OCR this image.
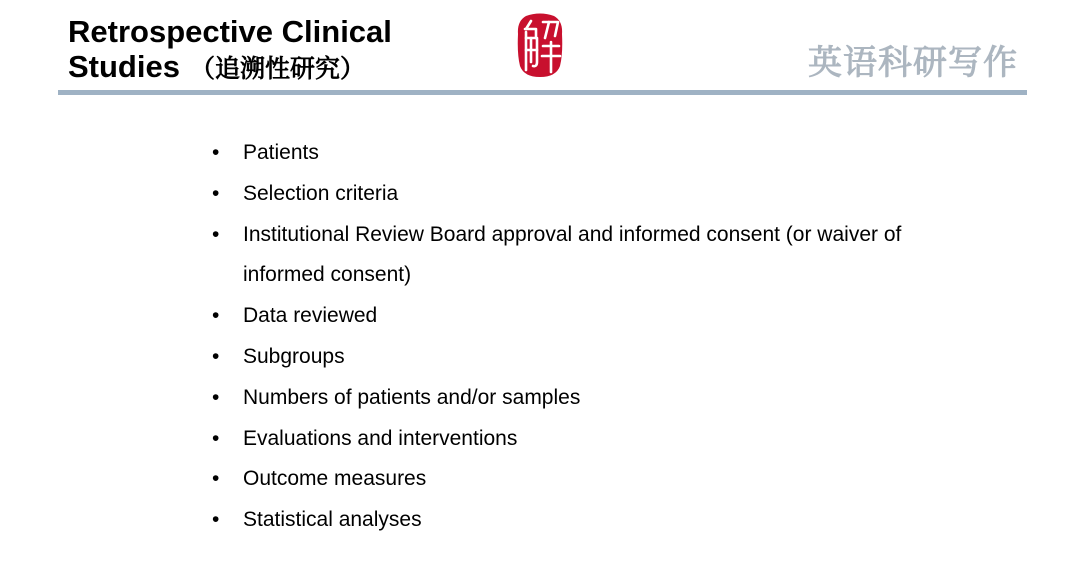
Retrospective Clinical
Studies （追溯性研究）	英语科研写作
•	Patients
•	Selection criteria
•	Institutional Review Board approval and informed consent (or waiver of informed consent)
•	Data reviewed
•	Subgroups
•	Numbers of patients and/or samples
•	Evaluations and interventions
•	Outcome measures
•	Statistical analyses
